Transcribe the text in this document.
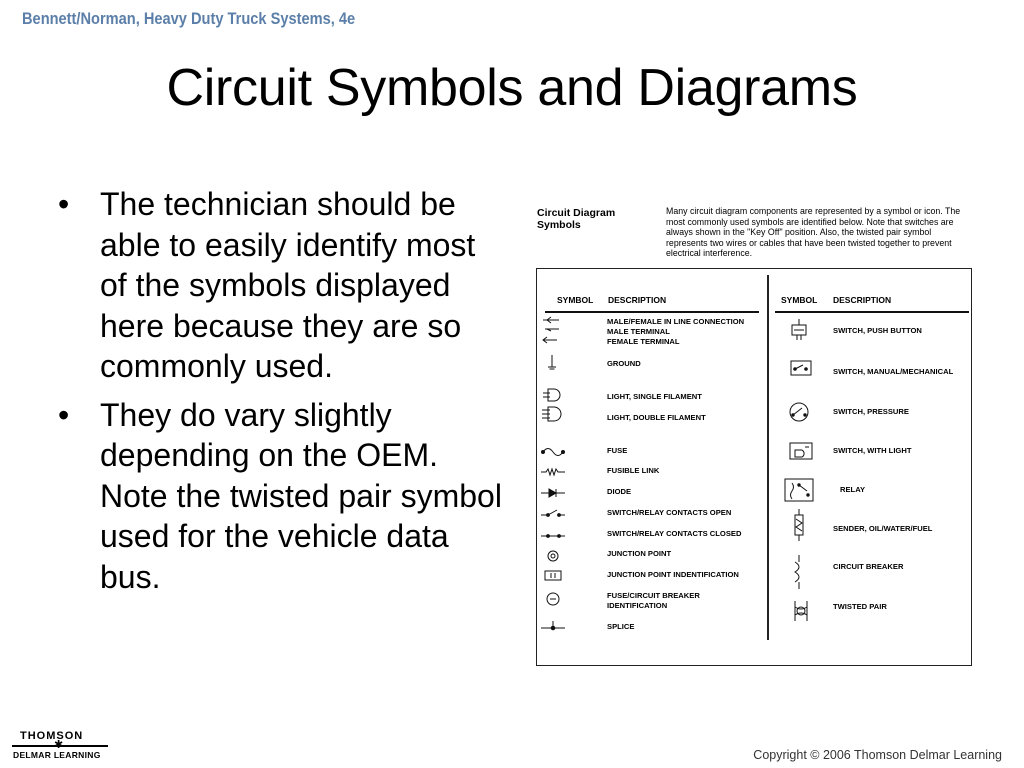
Bennett/Norman, Heavy Duty Truck Systems, 4e
Circuit Symbols and Diagrams
• The technician should be able to easily identify most of the symbols displayed here because they are so commonly used.
• They do vary slightly depending on the OEM. Note the twisted pair symbol used for the vehicle data bus.
Circuit Diagram Symbols
Many circuit diagram components are represented by a symbol or icon. The most commonly used symbols are identified below. Note that switches are always shown in the "Key Off" position. Also, the twisted pair symbol represents two wires or cables that have been twisted together to prevent electrical interference.
SYMBOL DESCRIPTION	SYMBOL DESCRIPTION
MALE/FEMALE IN LINE CONNECTION
MALE TERMINAL
FEMALE TERMINAL
GROUND
LIGHT, SINGLE FILAMENT
LIGHT, DOUBLE FILAMENT
FUSE
FUSIBLE LINK
DIODE
SWITCH/RELAY CONTACTS OPEN
SWITCH/RELAY CONTACTS CLOSED
JUNCTION POINT
JUNCTION POINT INDENTIFICATION
FUSE/CIRCUIT BREAKER
IDENTIFICATION
SPLICE
SWITCH, PUSH BUTTON
SWITCH, MANUAL/MECHANICAL
SWITCH, PRESSURE
SWITCH, WITH LIGHT
RELAY
SENDER, OIL/WATER/FUEL
CIRCUIT BREAKER
TWISTED PAIR
THOMSON
✱
DELMAR LEARNING	Copyright © 2006 Thomson Delmar Learning
